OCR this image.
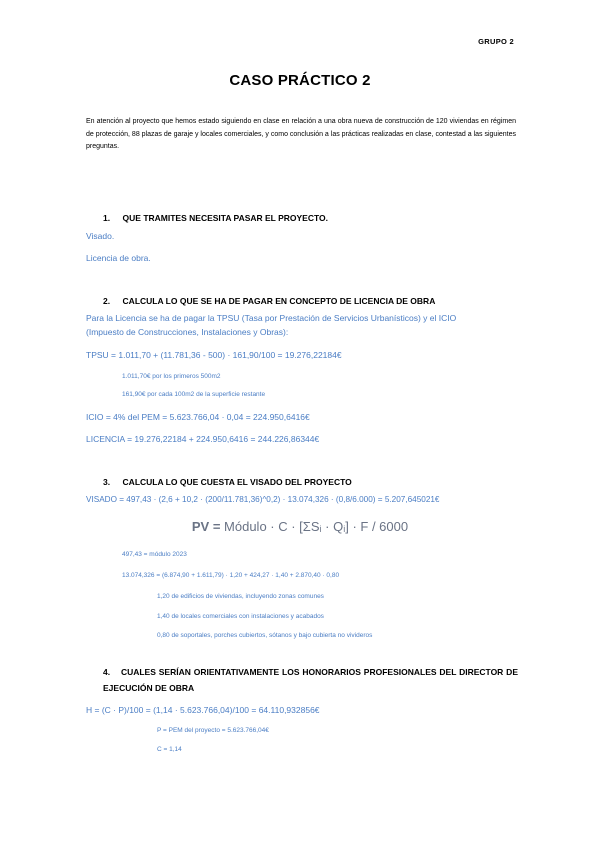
GRUPO 2
CASO PRÁCTICO 2
En atención al proyecto que hemos estado siguiendo en clase en relación a una obra nueva de construcción de 120 viviendas en régimen de protección, 88 plazas de garaje y locales comerciales, y como conclusión a las prácticas realizadas en clase, contestad a las siguientes preguntas.
1. QUE TRAMITES NECESITA PASAR EL PROYECTO.
Visado.
Licencia de obra.
2. CALCULA LO QUE SE HA DE PAGAR EN CONCEPTO DE LICENCIA DE OBRA
Para la Licencia se ha de pagar la TPSU (Tasa por Prestación de Servicios Urbanísticos) y el ICIO
(Impuesto de Construcciones, Instalaciones y Obras):
TPSU = 1.011,70 + (11.781,36 - 500) · 161,90/100 = 19.276,22184€
1.011,70€ por los primeros 500m2
161,90€ por cada 100m2 de la superficie restante
ICIO = 4% del PEM = 5.623.766,04 · 0,04 = 224.950,6416€
LICENCIA = 19.276,22184 + 224.950,6416 = 244.226,86344€
3. CALCULA LO QUE CUESTA EL VISADO DEL PROYECTO
VISADO = 497,43 · (2,6 + 10,2 · (200/11.781,36)^0,2) · 13.074,326 · (0,8/6.000) = 5.207,645021€
PV = Módulo · C · [ΣSᵢ · Qᵢ] · F / 6000
497,43 = módulo 2023
13.074,326 = (6.874,90 + 1.611,79) · 1,20 + 424,27 · 1,40 + 2.870,40 · 0,80
1,20 de edificios de viviendas, incluyendo zonas comunes
1,40 de locales comerciales con instalaciones y acabados
0,80 de soportales, porches cubiertos, sótanos y bajo cubierta no vivideros
4. CUALES SERÍAN ORIENTATIVAMENTE LOS HONORARIOS PROFESIONALES DEL DIRECTOR DE EJECUCIÓN DE OBRA
H = (C · P)/100 = (1,14 · 5.623.766,04)/100 = 64.110,932856€
P = PEM del proyecto = 5.623.766,04€
C = 1,14
